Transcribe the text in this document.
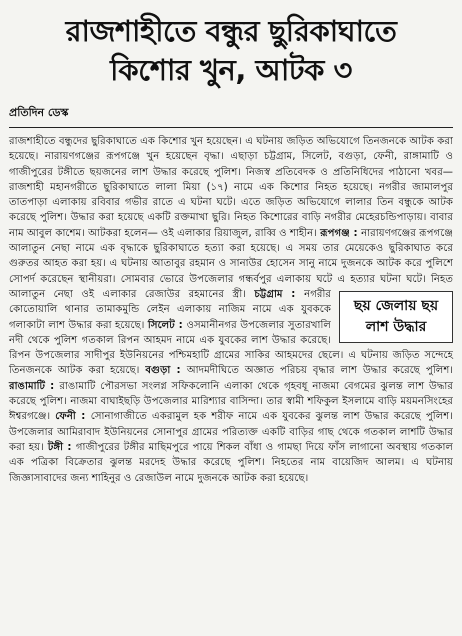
রাজশাহীতে বন্ধুর ছুরিকাঘাতে
কিশোর খুন, আটক ৩
প্রতিদিন ডেস্ক

রাজশাহীতে বন্ধুদের ছুরিকাঘাতে এক কিশোর খুন হয়েছেন। এ ঘটনায় জড়িত অভিযোগে তিনজনকে আটক করা হয়েছে। নারায়ণগঞ্জের রূপগঞ্জে খুন হয়েছেন বৃদ্ধা। এছাড়া চট্টগ্রাম, সিলেট, বগুড়া, ফেনী, রাঙ্গামাটি ও গাজীপুরের টঙ্গীতে ছয়জনের লাশ উদ্ধার করেছে পুলিশ। নিজস্ব প্রতিবেদক ও প্রতিনিধিদের পাঠানো খবর— রাজশাহী মহানগরীতে ছুরিকাঘাতে লালা মিয়া (১৭) নামে এক কিশোর নিহত হয়েছে। নগরীর জামালপুর তাতপাড়া এলাকায় রবিবার গভীর রাতে এ ঘটনা ঘটে। এতে জড়িত অভিযোগে লালার তিন বন্ধুকে আটক করেছে পুলিশ। উদ্ধার করা হয়েছে একটি রক্তমাখা ছুরি। নিহত কিশোরের বাড়ি নগরীর মেহেরচন্ডিপাড়ায়। বাবার নাম আবুল কাশেম। আটকরা হলেন— ওই এলাকার রিয়াজুল, রাব্বি ও শাহীন। রূপগঞ্জ : নারায়ণগঞ্জের রূপগঞ্জে আলাতুন নেছা নামে এক বৃদ্ধাকে ছুরিকাঘাতে হত্যা করা হয়েছে। এ সময় তার মেয়েকেও ছুরিকাঘাত করে গুরুতর আহত করা হয়। এ ঘটনায় আতাবুর রহমান ও সানাউর হোসেন সানু নামে দুজনকে আটক করে পুলিশে সোপর্দ করেছেন স্থানীয়রা। সোমবার ভোরে উপজেলার গন্ধর্বপুর এলাকায় ঘটে এ হত্যার ঘটনা ঘটে। নিহত আলাতুন নেছা ওই এলাকার রেজাউর রহমানের স্ত্রী।
ছয় জেলায় ছয়
লাশ উদ্ধার
চট্টগ্রাম : নগরীর কোতোয়ালি থানার তামাকমুন্ডি লেইন এলাকায় নাজিম নামে এক যুবককে গলাকাটা লাশ উদ্ধার করা হয়েছে। সিলেট : ওসমানীনগর উপজেলার সুতারখালি নদী থেকে পুলিশ গতকাল রিপন আহমদ নামে এক যুবকের লাশ উদ্ধার করেছে। রিপন উপজেলার সাদীপুর ইউনিয়নের পশ্চিমহাটি গ্রামের সাকির আহমদের ছেলে। এ ঘটনায় জড়িত সন্দেহে তিনজনকে আটক করা হয়েছে। বগুড়া : আদমদীঘিতে অজ্ঞাত পরিচয় বৃদ্ধার লাশ উদ্ধার করেছে পুলিশ। রাঙামাটি : রাঙামাটি পৌরসভা সংলগ্ন সফিকলোনি এলাকা থেকে গৃহবধূ নাজমা বেগমের ঝুলন্ত লাশ উদ্ধার করেছে পুলিশ। নাজমা বাঘাইছড়ি উপজেলার মারিশ্যার বাসিন্দা। তার স্বামী শফিকুল ইসলামে বাড়ি ময়মনসিংহের ঈশ্বরগঞ্জে। ফেনী : সোনাগাজীতে একরামুল হক শরীফ নামে এক যুবকের ঝুলন্ত লাশ উদ্ধার করেছে পুলিশ। উপজেলার আমিরাবাদ ইউনিয়নের সোনাপুর গ্রামের পরিত্যক্ত একটি বাড়ির গাছ থেকে গতকাল লাশটি উদ্ধার করা হয়। টঙ্গী : গাজীপুরের টঙ্গীর মাছিমপুরে পায়ে শিকল বাঁধা ও গামছা দিয়ে ফাঁস লাগানো অবস্থায় গতকাল এক পত্রিকা বিক্রেতার ঝুলন্ত মরদেহ উদ্ধার করেছে পুলিশ। নিহতের নাম বায়েজিদ আলম। এ ঘটনায় জিজ্ঞাসাবাদের জন্য শাহিনুর ও রেজাউল নামে দুজনকে আটক করা হয়েছে।
